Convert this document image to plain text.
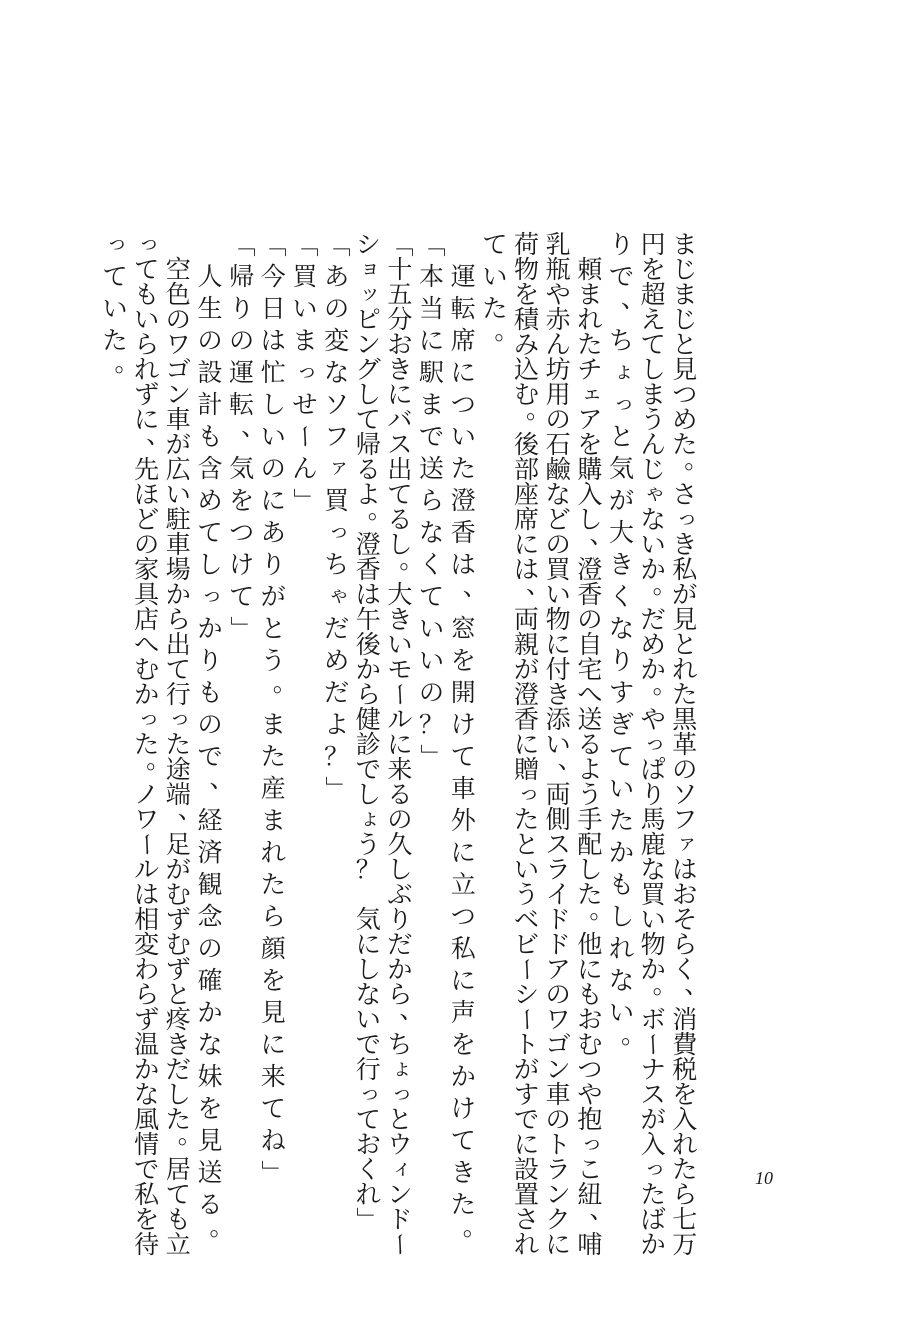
ま
じ
ま
じ
と
見
つ
め
た
。
さ
っ
き
私
が
見
と
れ
た
黒
革
の
ソ
フ
ァ
は
お
そ
ら
く
、
消
費
税
を
入
れ
た
ら
七
万
円
を
超
え
て
し
ま
う
ん
じ
ゃ
な
い
か
。
だ
め
か
。
や
っ
ぱ
り
馬
鹿
な
買
い
物
か
。
ボ
ー
ナ
ス
が
入
っ
た
ば
か
り
で
、
ち
ょ
っ
と
気
が
大
き
く
な
り
す
ぎ
て
い
た
か
も
し
れ
な
い
。
頼
ま
れ
た
チ
ェ
ア
を
購
入
し
、
澄
香
の
自
宅
へ
送
る
よ
う
手
配
し
た
。
他
に
も
お
む
つ
や
抱
っ
こ
紐
、
哺
乳
瓶
や
赤
ん
坊
用
の
石
鹼
な
ど
の
買
い
物
に
付
き
添
い
、
両
側
ス
ラ
イ
ド
ド
ア
の
ワ
ゴ
ン
車
の
ト
ラ
ン
ク
に
荷
物
を
積
み
込
む
。
後
部
座
席
に
は
、
両
親
が
澄
香
に
贈
っ
た
と
い
う
ベ
ビ
ー
シ
ー
ト
が
す
で
に
設
置
さ
れ
て
い
た
。
運
転
席
に
つ
い
た
澄
香
は
、
窓
を
開
け
て
車
外
に
立
つ
私
に
声
を
か
け
て
き
た
。
「
本
当
に
駅
ま
で
送
ら
な
く
て
い
い
の
？
」
「
十
五
分
お
き
に
バ
ス
出
て
る
し
。
大
き
い
モ
ー
ル
に
来
る
の
久
し
ぶ
り
だ
か
ら
、
ち
ょ
っ
と
ウ
ィ
ン
ド
ー
シ
ョ
ッ
ピ
ン
グ
し
て
帰
る
よ
。
澄
香
は
午
後
か
ら
健
診
で
し
ょ
う
？
気
に
し
な
い
で
行
っ
て
お
く
れ
」
「
あ
の
変
な
ソ
フ
ァ
買
っ
ち
ゃ
だ
め
だ
よ
？
」
「
買
い
ま
っ
せ
ー
ん
」
「
今
日
は
忙
し
い
の
に
あ
り
が
と
う
。
ま
た
産
ま
れ
た
ら
顔
を
見
に
来
て
ね
」
「
帰
り
の
運
転
、
気
を
つ
け
て
」
人
生
の
設
計
も
含
め
て
し
っ
か
り
も
の
で
、
経
済
観
念
の
確
か
な
妹
を
見
送
る
。
空
色
の
ワ
ゴ
ン
車
が
広
い
駐
車
場
か
ら
出
て
行
っ
た
途
端
、
足
が
む
ず
む
ず
と
疼
き
だ
し
た
。
居
て
も
立
っ
て
も
い
ら
れ
ず
に
、
先
ほ
ど
の
家
具
店
へ
む
か
っ
た
。
ノ
ワ
ー
ル
は
相
変
わ
ら
ず
温
か
な
風
情
で
私
を
待
っ
て
い
た
。
10
